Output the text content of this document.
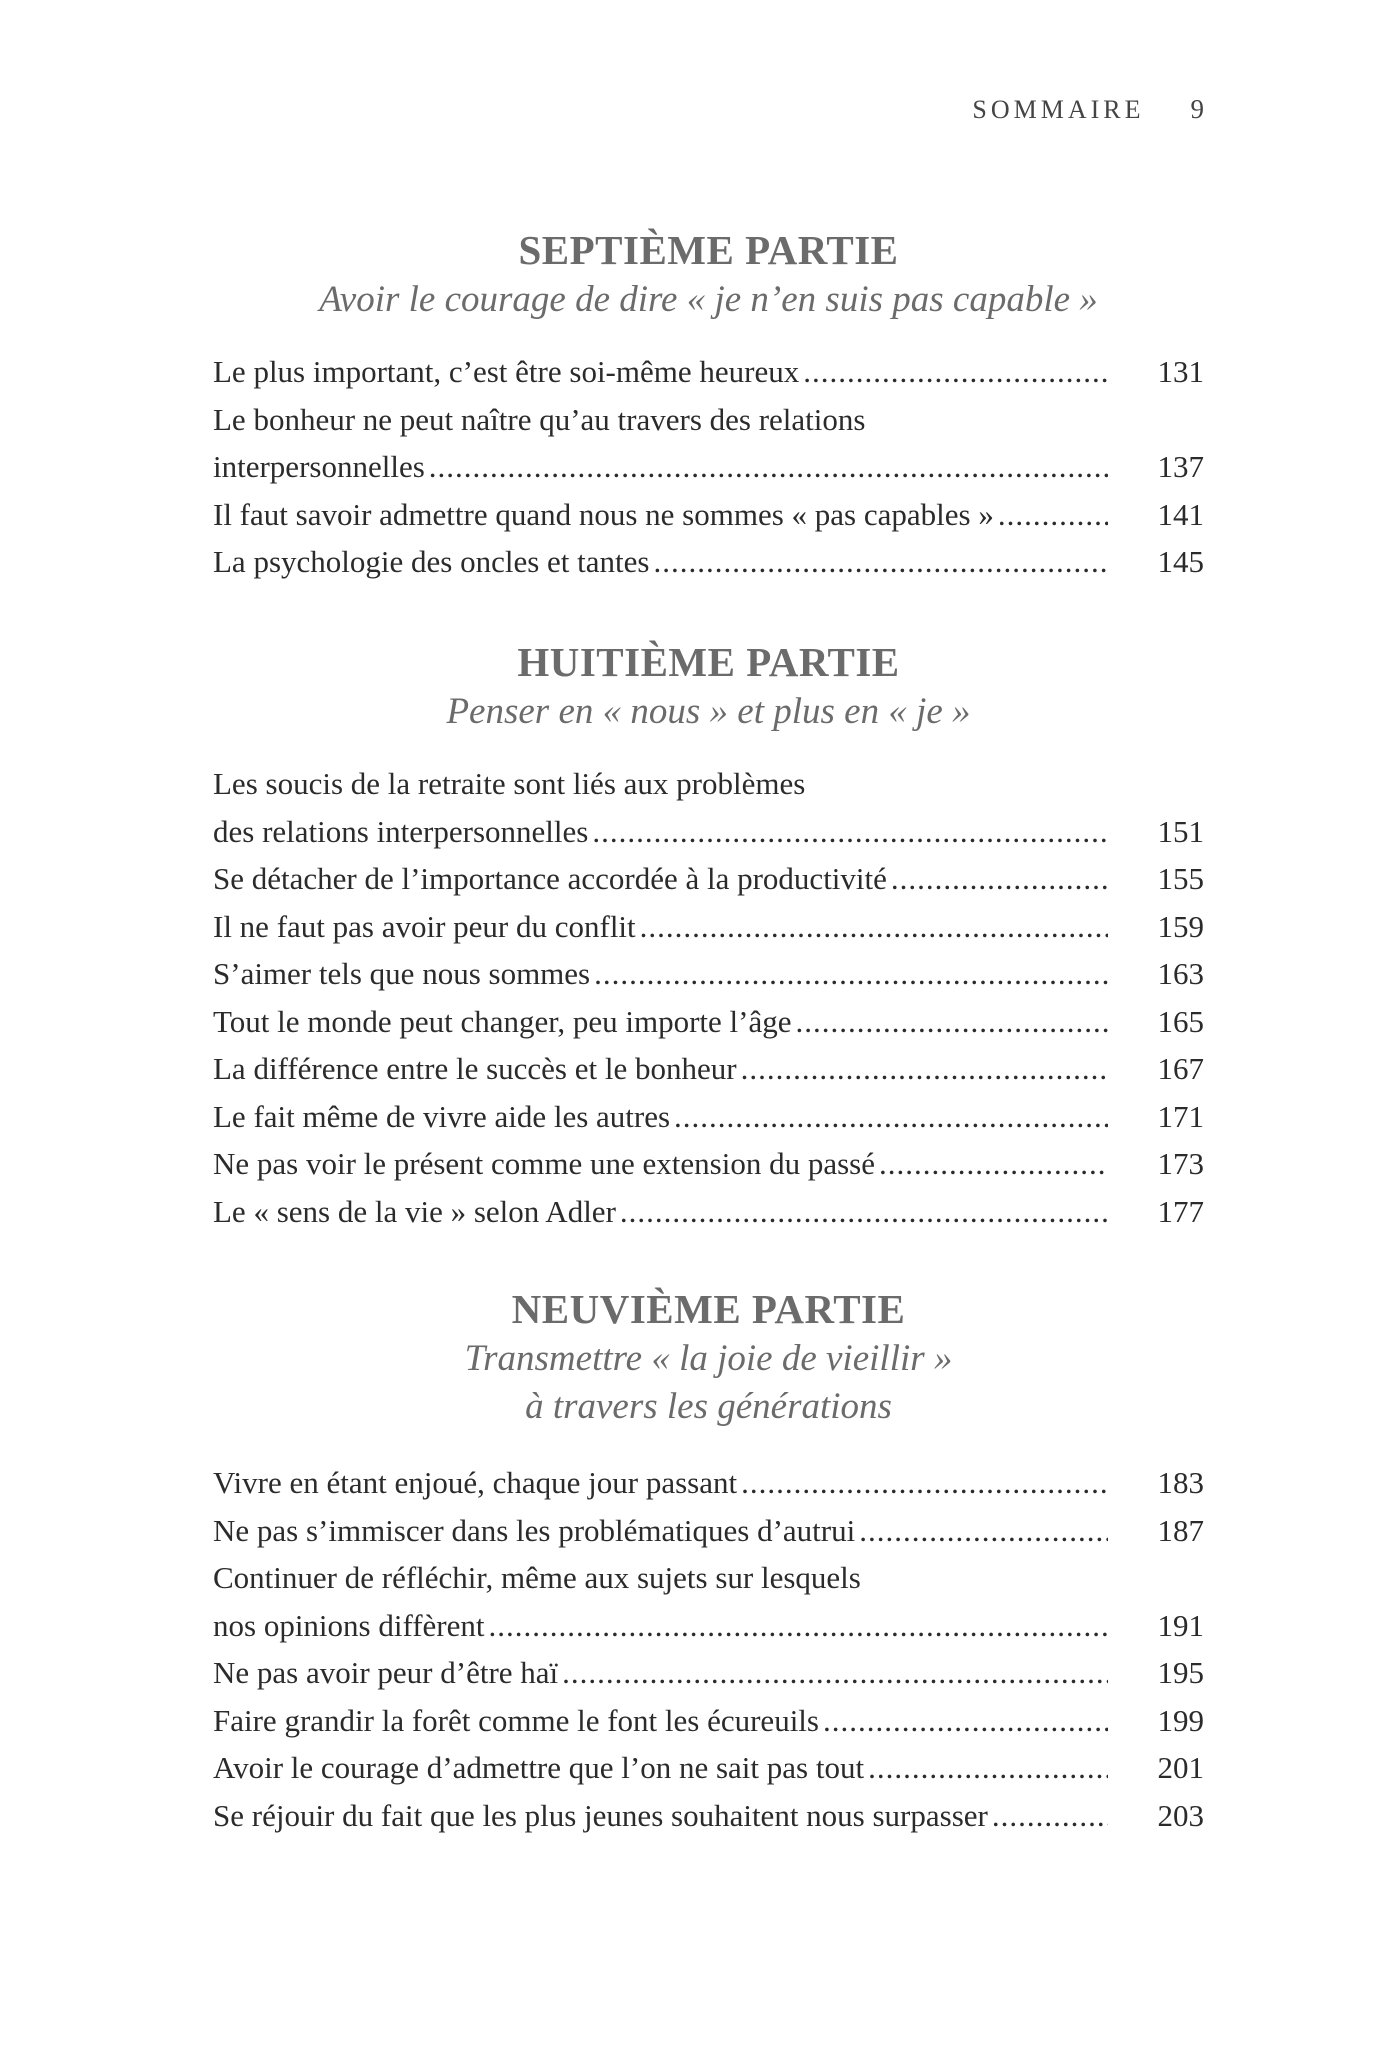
SOMMAIRE 9
SEPTIÈME PARTIE

Avoir le courage de dire « je n’en suis pas capable »

Le plus important, c’est être soi-même heureux .....	131
Le bonheur ne peut naître qu’au travers des relations
interpersonnelles .....	137
Il faut savoir admettre quand nous ne sommes « pas capables » .....	141
La psychologie des oncles et tantes .....	145
HUITIÈME PARTIE

Penser en « nous » et plus en « je »

Les soucis de la retraite sont liés aux problèmes
des relations interpersonnelles .....	151
Se détacher de l’importance accordée à la productivité .....	155
Il ne faut pas avoir peur du conflit .....	159
S’aimer tels que nous sommes .....	163
Tout le monde peut changer, peu importe l’âge .....	165
La différence entre le succès et le bonheur .....	167
Le fait même de vivre aide les autres .....	171
Ne pas voir le présent comme une extension du passé .....	173
Le « sens de la vie » selon Adler .....	177
NEUVIÈME PARTIE

Transmettre « la joie de vieillir »

à travers les générations

Vivre en étant enjoué, chaque jour passant .....	183
Ne pas s’immiscer dans les problématiques d’autrui .....	187
Continuer de réfléchir, même aux sujets sur lesquels
nos opinions diffèrent .....	191
Ne pas avoir peur d’être haï .....	195
Faire grandir la forêt comme le font les écureuils .....	199
Avoir le courage d’admettre que l’on ne sait pas tout .....	201
Se réjouir du fait que les plus jeunes souhaitent nous surpasser .....	203
